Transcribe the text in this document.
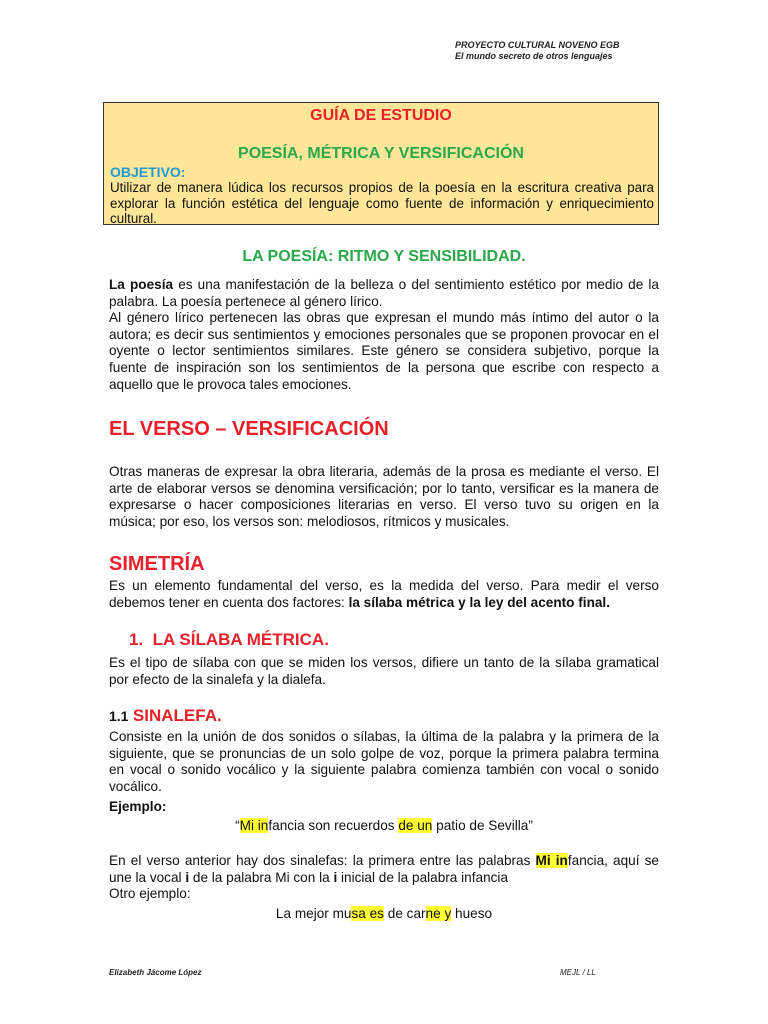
PROYECTO CULTURAL NOVENO EGB
El mundo secreto de otros lenguajes
GUÍA DE ESTUDIO
POESÍA, MÉTRICA Y VERSIFICACIÓN
OBJETIVO:
Utilizar de manera lúdica los recursos propios de la poesía en la escritura creativa para explorar la función estética del lenguaje como fuente de información y enriquecimiento cultural.
LA POESÍA: RITMO Y SENSIBILIDAD.
La poesía es una manifestación de la belleza o del sentimiento estético por medio de la palabra. La poesía pertenece al género lírico.
Al género lírico pertenecen las obras que expresan el mundo más íntimo del autor o la autora; es decir sus sentimientos y emociones personales que se proponen provocar en el oyente o lector sentimientos similares. Este género se considera subjetivo, porque la fuente de inspiración son los sentimientos de la persona que escribe con respecto a aquello que le provoca tales emociones.
EL VERSO – VERSIFICACIÓN
Otras maneras de expresar la obra literaria, además de la prosa es mediante el verso. El arte de elaborar versos se denomina versificación; por lo tanto, versificar es la manera de expresarse o hacer composiciones literarias en verso. El verso tuvo su origen en la música; por eso, los versos son: melodiosos, rítmicos y musicales.
SIMETRÍA
Es un elemento fundamental del verso, es la medida del verso. Para medir el verso debemos tener en cuenta dos factores: la sílaba métrica y la ley del acento final.
1. LA SÍLABA MÉTRICA.
Es el tipo de sílaba con que se miden los versos, difiere un tanto de la sílaba gramatical por efecto de la sinalefa y la dialefa.
1.1 SINALEFA.
Consiste en la unión de dos sonidos o sílabas, la última de la palabra y la primera de la siguiente, que se pronuncias de un solo golpe de voz, porque la primera palabra termina en vocal o sonido vocálico y la siguiente palabra comienza también con vocal o sonido vocálico.
Ejemplo:
“Mi infancia son recuerdos de un patio de Sevilla”
En el verso anterior hay dos sinalefas: la primera entre las palabras Mi infancia, aquí se une la vocal i de la palabra Mi con la i inicial de la palabra infancia
Otro ejemplo:
La mejor musa es de carne y hueso
Elizabeth Jácome López	MEJL / LL
